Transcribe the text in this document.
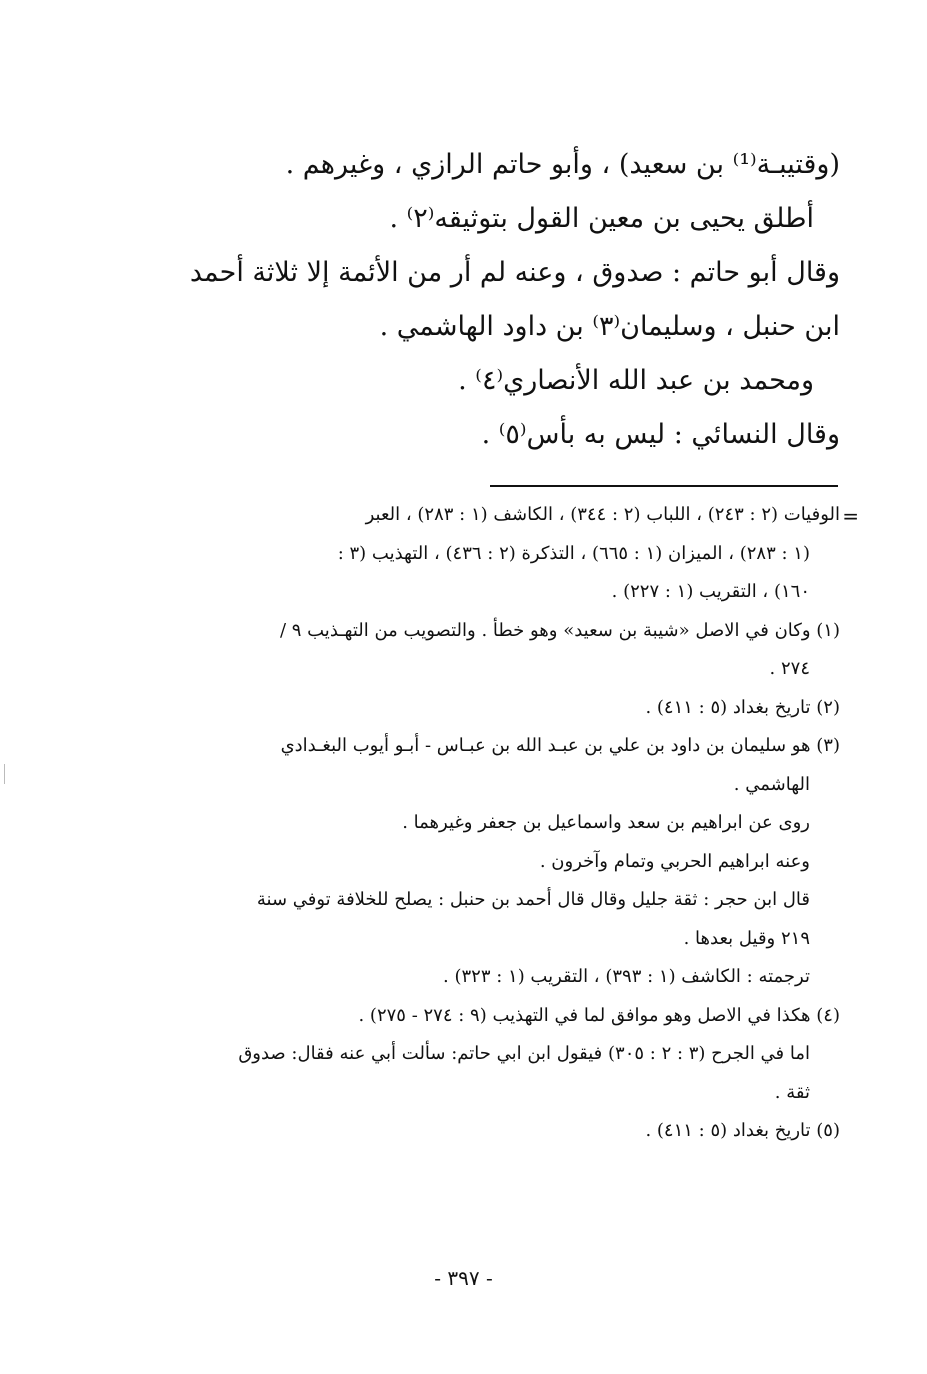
(وقتيبـة⁽¹⁾ بن سعيد) ، وأبو حاتم الرازي ، وغيرهم .
أطلق يحيى بن معين القول بتوثيقه⁽٢⁾ .
وقال أبو حاتم : صدوق ، وعنه لم أر من الأئمة إلا ثلاثة أحمد
ابن حنبل ، وسليمان⁽٣⁾ بن داود الهاشمي .
ومحمد بن عبد الله الأنصاري⁽٤⁾ .
وقال النسائي : ليس به بأس⁽٥⁾ .
=
الوفيات (٢ : ٢٤٣) ، اللباب (٢ : ٣٤٤) ، الكاشف (١ : ٢٨٣) ، العبر
(١ : ٢٨٣) ، الميزان (١ : ٦٦٥) ، التذكرة (٢ : ٤٣٦) ، التهذيب (٣ :
١٦٠) ، التقريب (١ : ٢٢٧) .
(١) وكان في الاصل «شيبة بن سعيد» وهو خطأ . والتصويب من التهـذيب ٩ /
٢٧٤ .
(٢) تاريخ بغداد (٥ : ٤١١) .
(٣) هو سليمان بن داود بن علي بن عبـد الله بن عبـاس - أبـو أيوب البغـدادي
الهاشمي .
روى عن ابراهيم بن سعد واسماعيل بن جعفر وغيرهما .
وعنه ابراهيم الحربي وتمام وآخرون .
قال ابن حجر : ثقة جليل وقال قال أحمد بن حنبل : يصلح للخلافة توفي سنة
٢١٩ وقيل بعدها .
ترجمته : الكاشف (١ : ٣٩٣) ، التقريب (١ : ٣٢٣) .
(٤) هكذا في الاصل وهو موافق لما في التهذيب (٩ : ٢٧٤ - ٢٧٥) .
اما في الجرح (٣ : ٢ : ٣٠٥) فيقول ابن ابي حاتم: سألت أبي عنه فقال: صدوق
ثقة .
(٥) تاريخ بغداد (٥ : ٤١١) .
- ٣٩٧ -
